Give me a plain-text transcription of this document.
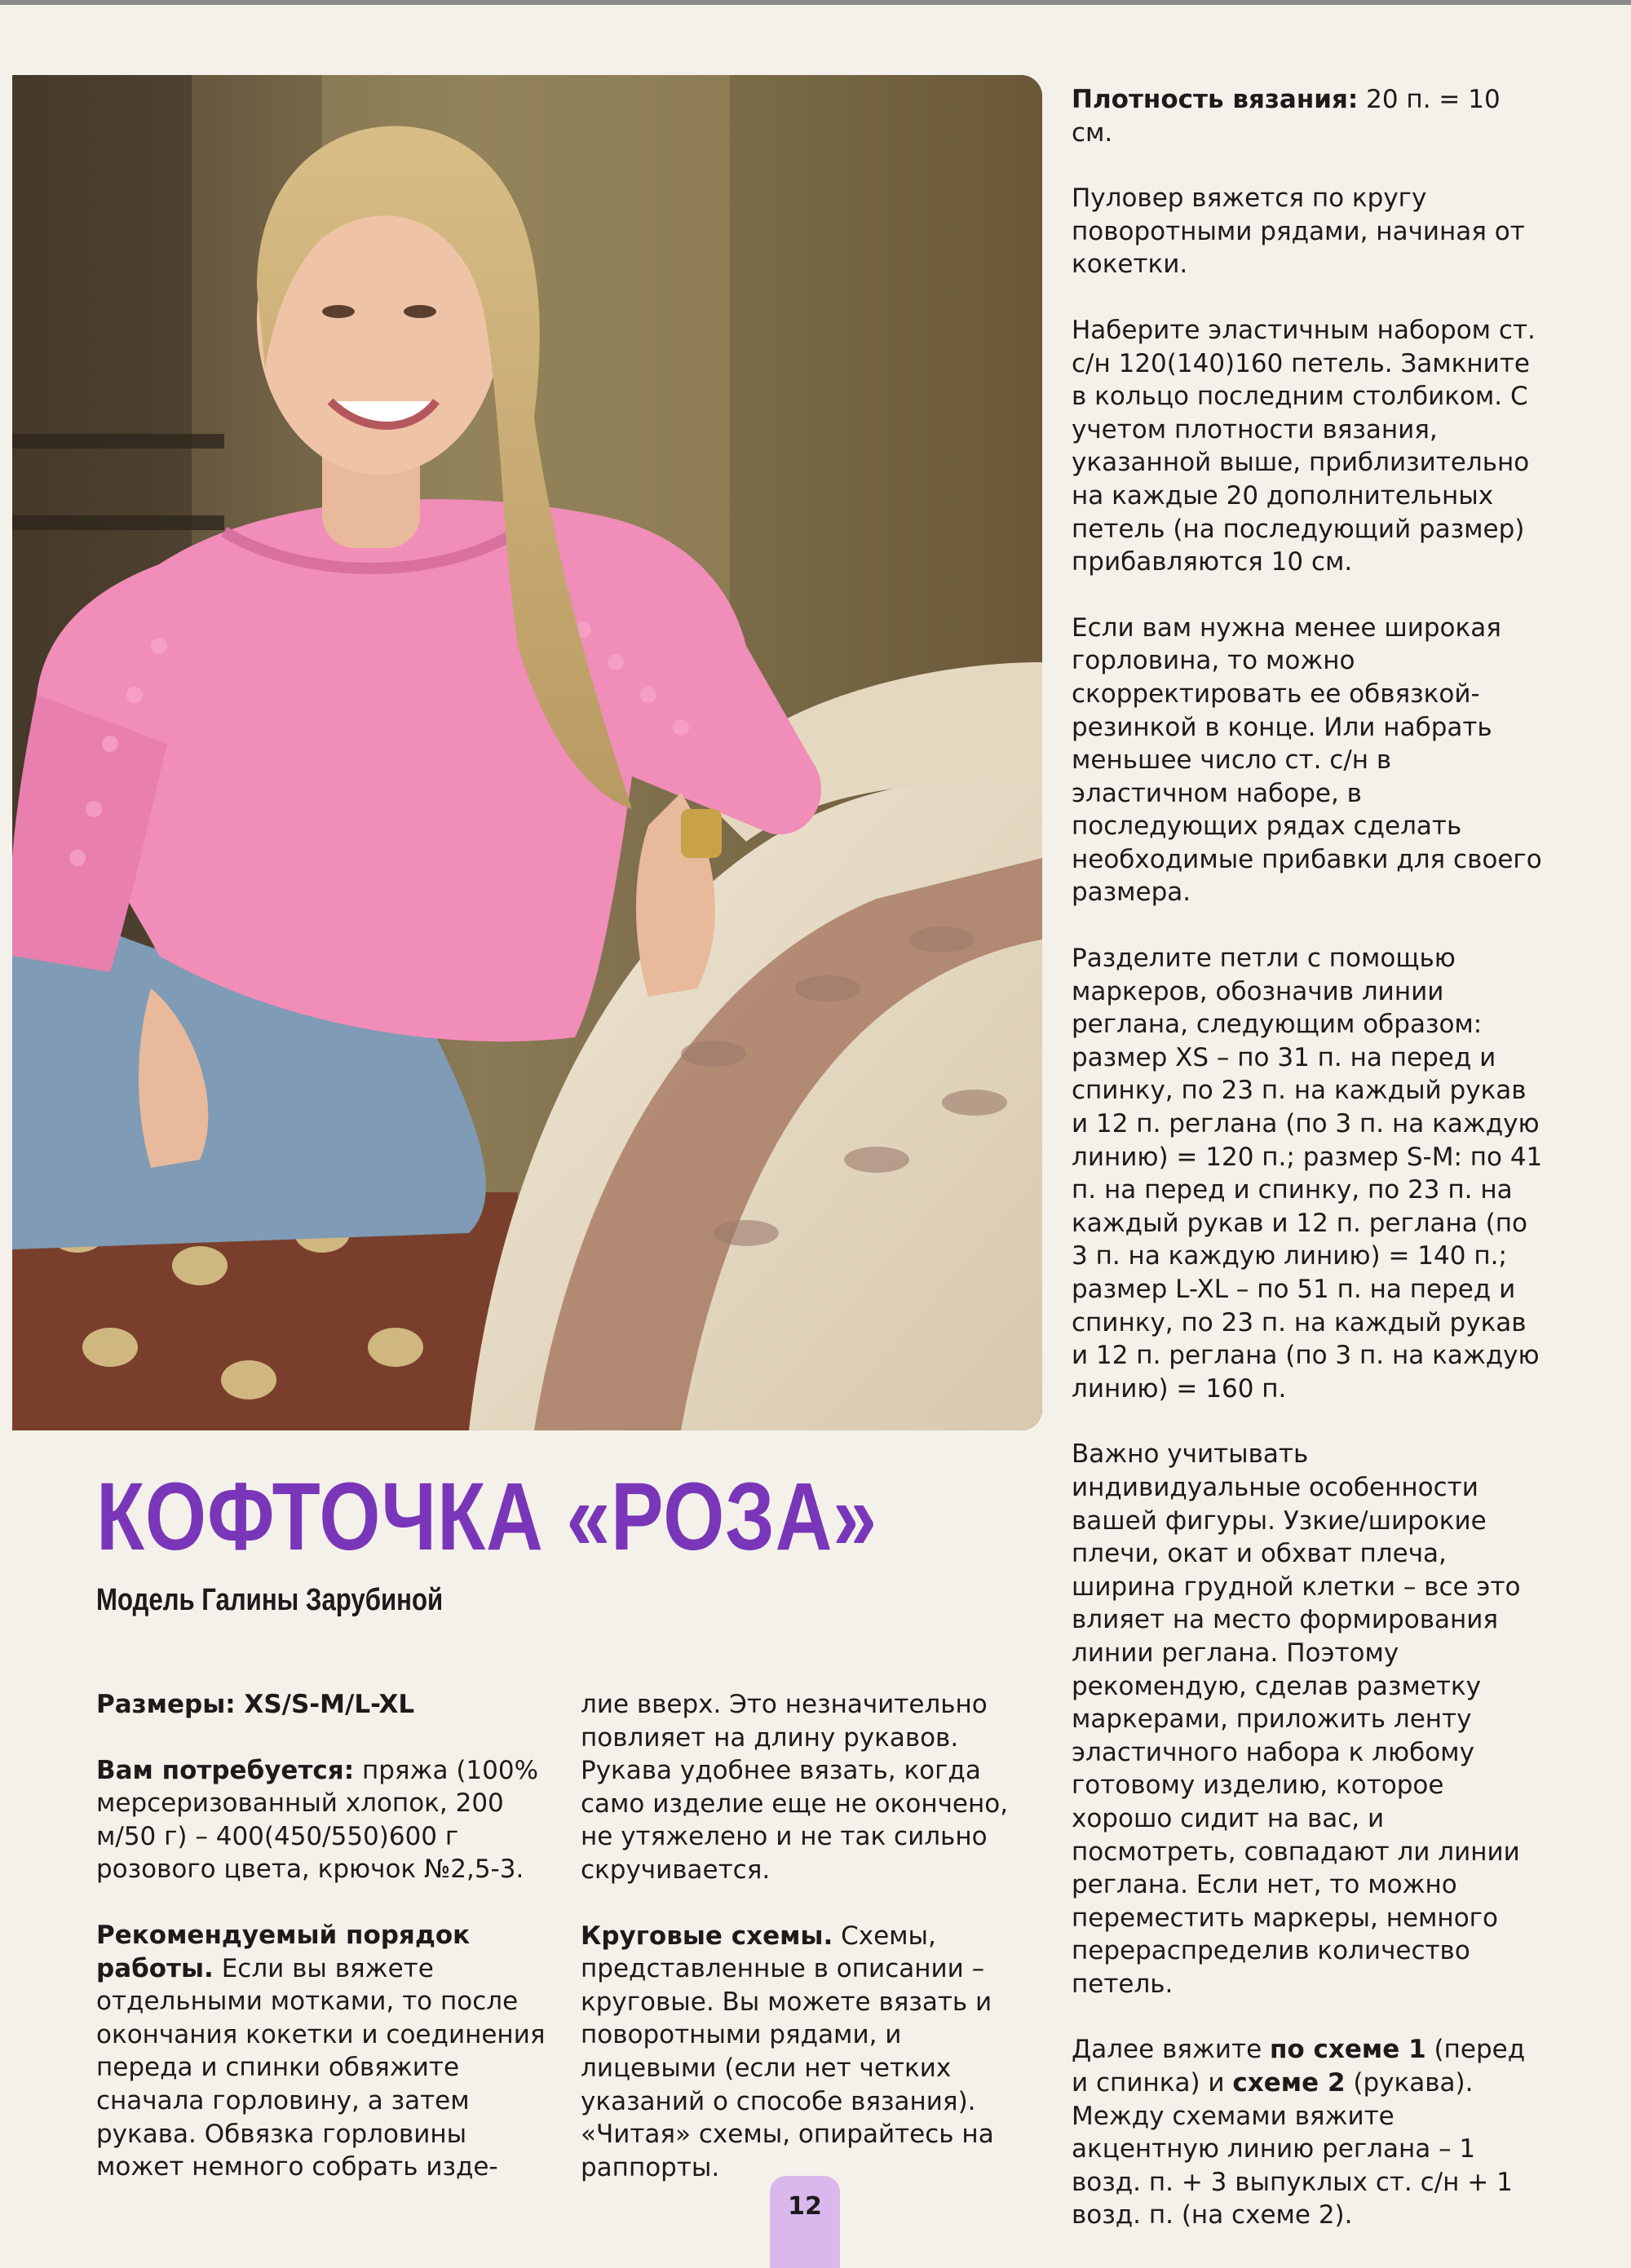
КОФТОЧКА «РОЗА»
Модель Галины Зарубиной

Размеры: XS/S-M/L-XL

Вам потребуется: пряжа (100% мерсеризованный хлопок, 200 м/50 г) – 400(450/550)600 г розового цвета, крючок №2,5-3.

Рекомендуемый порядок работы. Если вы вяжете отдельными мотками, то после окончания кокетки и соединения переда и спинки обвяжите сначала горловину, а затем рукава. Обвязка горловины может немного собрать изде-

лие вверх. Это незначительно повлияет на длину рукавов. Рукава удобнее вязать, когда само изделие еще не окончено, не утяжелено и не так сильно скручивается.

Круговые схемы. Схемы, представленные в описании – круговые. Вы можете вязать и поворотными рядами, и лицевыми (если нет четких указаний о способе вязания). «Читая» схемы, опирайтесь на раппорты.

Плотность вязания: 20 п. = 10 см.

Пуловер вяжется по кругу поворотными рядами, начиная от кокетки.

Наберите эластичным набором ст. с/н 120(140)160 петель. Замкните в кольцо последним столбиком. С учетом плотности вязания, указанной выше, приблизительно на каждые 20 дополнительных петель (на последующий размер) прибавляются 10 см.

Если вам нужна менее широкая горловина, то можно скорректировать ее обвязкой-резинкой в конце. Или набрать меньшее число ст. с/н в эластичном наборе, в последующих рядах сделать необходимые прибавки для своего размера.

Разделите петли с помощью маркеров, обозначив линии реглана, следующим образом: размер XS – по 31 п. на перед и спинку, по 23 п. на каждый рукав и 12 п. реглана (по 3 п. на каждую линию) = 120 п.; размер S-M: по 41 п. на перед и спинку, по 23 п. на каждый рукав и 12 п. реглана (по 3 п. на каждую линию) = 140 п.; размер L-XL – по 51 п. на перед и спинку, по 23 п. на каждый рукав и 12 п. реглана (по 3 п. на каждую линию) = 160 п.

Важно учитывать индивидуальные особенности вашей фигуры. Узкие/широкие плечи, окат и обхват плеча, ширина грудной клетки – все это влияет на место формирования линии реглана. Поэтому рекомендую, сделав разметку маркерами, приложить ленту эластичного набора к любому готовому изделию, которое хорошо сидит на вас, и посмотреть, совпадают ли линии реглана. Если нет, то можно переместить маркеры, немного перераспределив количество петель.

Далее вяжите по схеме 1 (перед и спинка) и схеме 2 (рукава). Между схемами вяжите акцентную линию реглана – 1 возд. п. + 3 выпуклых ст. с/н + 1 возд. п. (на схеме 2).

12
